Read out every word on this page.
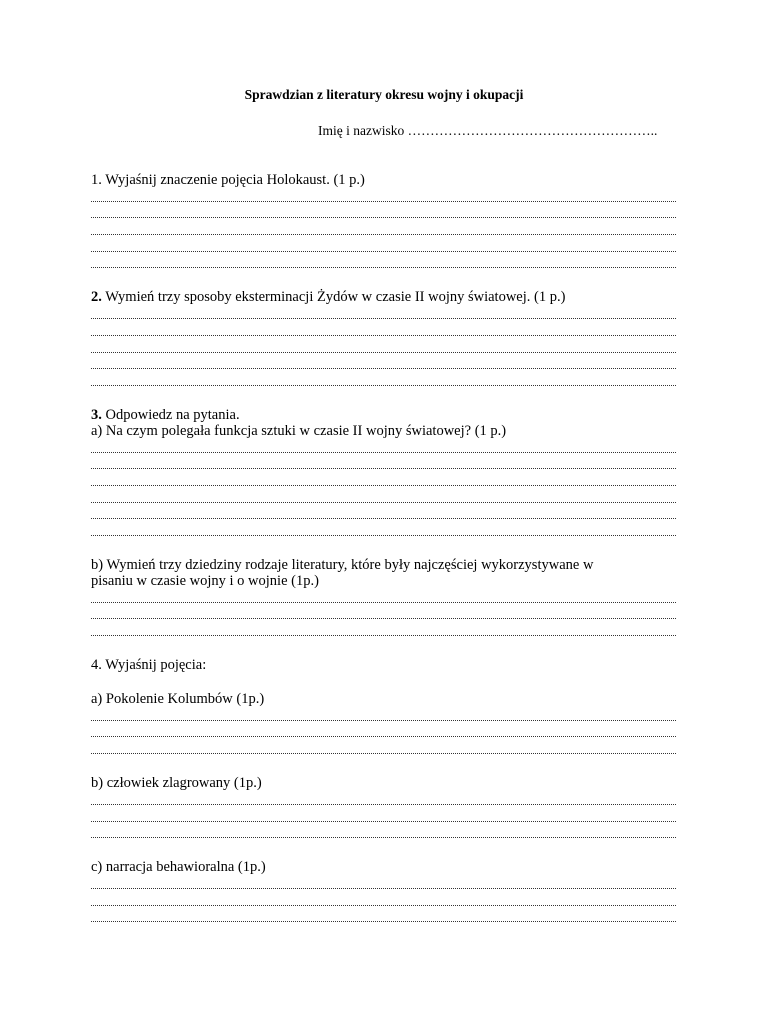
Sprawdzian z literatury okresu wojny i okupacji
Imię i nazwisko ………………………………………………..
1. Wyjaśnij znaczenie pojęcia Holokaust. (1 p.)
2. Wymień trzy sposoby eksterminacji Żydów w czasie II wojny światowej. (1 p.)
3. Odpowiedz na pytania.
a) Na czym polegała funkcja sztuki w czasie II wojny światowej? (1 p.)
b) Wymień trzy dziedziny rodzaje literatury, które były najczęściej wykorzystywane w
pisaniu w czasie wojny i o wojnie (1p.)
4. Wyjaśnij pojęcia:
a) Pokolenie Kolumbów (1p.)
b) człowiek zlagrowany (1p.)
c) narracja behawioralna (1p.)
